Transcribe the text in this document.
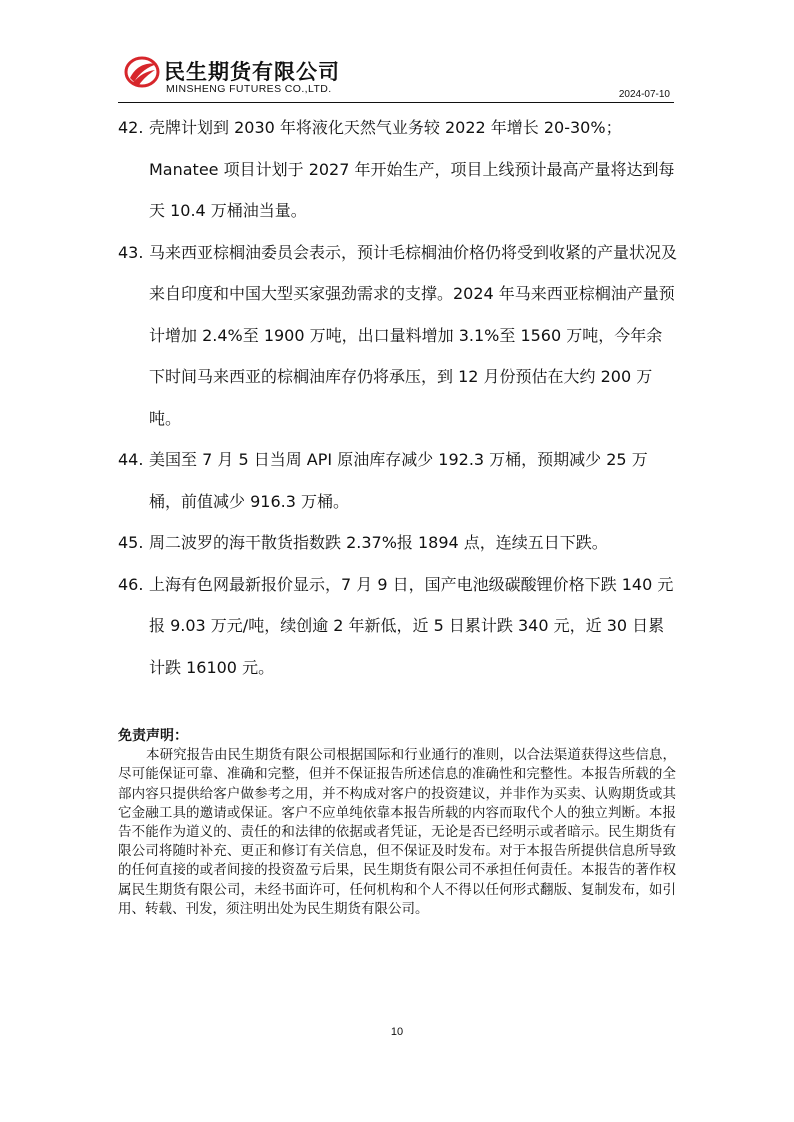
民生期货有限公司
MINSHENG FUTURES CO.,LTD.	2024-07-10
42. 壳牌计划到 2030 年将液化天然气业务较 2022 年增长 20-30%；Manatee 项目计划于 2027 年开始生产，项目上线预计最高产量将达到每天 10.4 万桶油当量。
43. 马来西亚棕榈油委员会表示，预计毛棕榈油价格仍将受到收紧的产量状况及来自印度和中国大型买家强劲需求的支撑。2024 年马来西亚棕榈油产量预计增加 2.4%至 1900 万吨，出口量料增加 3.1%至 1560 万吨，今年余下时间马来西亚的棕榈油库存仍将承压，到 12 月份预估在大约 200 万吨。
44. 美国至 7 月 5 日当周 API 原油库存减少 192.3 万桶，预期减少 25 万桶，前值减少 916.3 万桶。
45. 周二波罗的海干散货指数跌 2.37%报 1894 点，连续五日下跌。
46. 上海有色网最新报价显示，7 月 9 日，国产电池级碳酸锂价格下跌 140 元报 9.03 万元/吨，续创逾 2 年新低，近 5 日累计跌 340 元，近 30 日累计跌 16100 元。

免责声明：

本研究报告由民生期货有限公司根据国际和行业通行的准则，以合法渠道获得这些信息，尽可能保证可靠、准确和完整，但并不保证报告所述信息的准确性和完整性。本报告所载的全部内容只提供给客户做参考之用，并不构成对客户的投资建议，并非作为买卖、认购期货或其它金融工具的邀请或保证。客户不应单纯依靠本报告所载的内容而取代个人的独立判断。本报告不能作为道义的、责任的和法律的依据或者凭证，无论是否已经明示或者暗示。民生期货有限公司将随时补充、更正和修订有关信息，但不保证及时发布。对于本报告所提供信息所导致的任何直接的或者间接的投资盈亏后果，民生期货有限公司不承担任何责任。本报告的著作权属民生期货有限公司，未经书面许可，任何机构和个人不得以任何形式翻版、复制发布，如引用、转载、刊发，须注明出处为民生期货有限公司。

10
